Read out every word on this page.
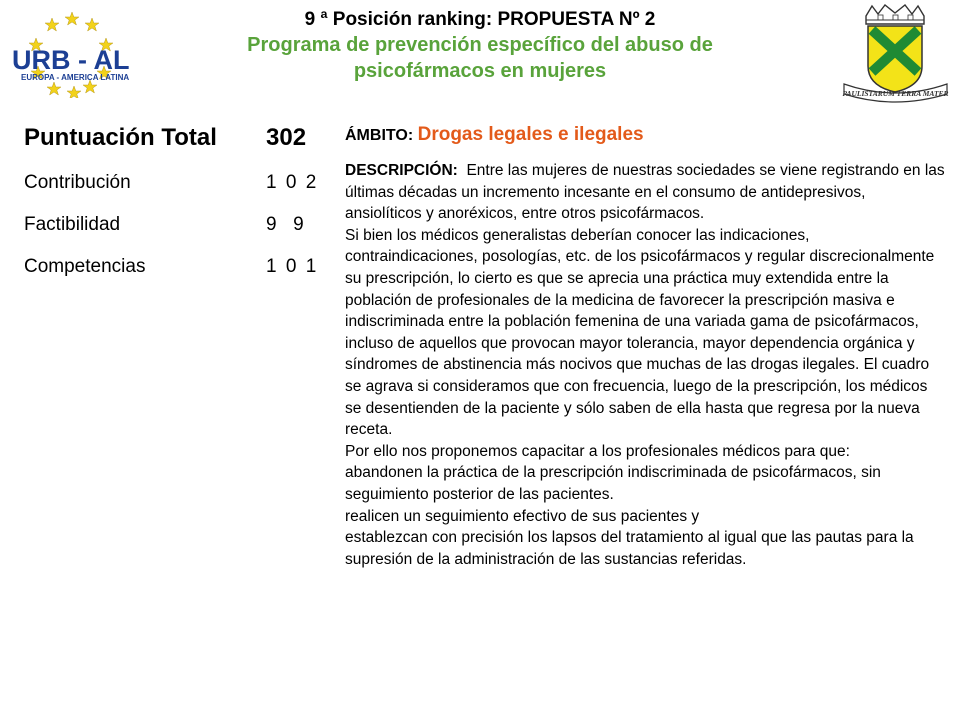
URB - AL
EUROPA - AMERICA LATINA
9 ª Posición ranking: PROPUESTA Nº 2
Programa de prevención específico del abuso de
psicofármacos en mujeres
PAULISTARUM TERRA MATER
Puntuación Total 302
Contribución	1 0 2
Factibilidad	9  9
Competencias	1 0 1
ÁMBITO: Drogas legales e ilegales

DESCRIPCIÓN: Entre las mujeres de nuestras sociedades se viene registrando en las últimas décadas un incremento incesante en el consumo de antidepresivos, ansiolíticos y anoréxicos, entre otros psicofármacos.

Si bien los médicos generalistas deberían conocer las indicaciones, contraindicaciones, posologías, etc. de los psicofármacos y regular discrecionalmente su prescripción, lo cierto es que se aprecia una práctica muy extendida entre la población de profesionales de la medicina de favorecer la prescripción masiva e indiscriminada entre la población femenina de una variada gama de psicofármacos, incluso de aquellos que provocan mayor tolerancia, mayor dependencia orgánica y síndromes de abstinencia más nocivos que muchas de las drogas ilegales. El cuadro se agrava si consideramos que con frecuencia, luego de la prescripción, los médicos se desentienden de la paciente y sólo saben de ella hasta que regresa por la nueva receta.

Por ello nos proponemos capacitar a los profesionales médicos para que:

abandonen la práctica de la prescripción indiscriminada de psicofármacos, sin seguimiento posterior de las pacientes.

realicen un seguimiento efectivo de sus pacientes y

establezcan con precisión los lapsos del tratamiento al igual que las pautas para la supresión de la administración de las sustancias referidas.
